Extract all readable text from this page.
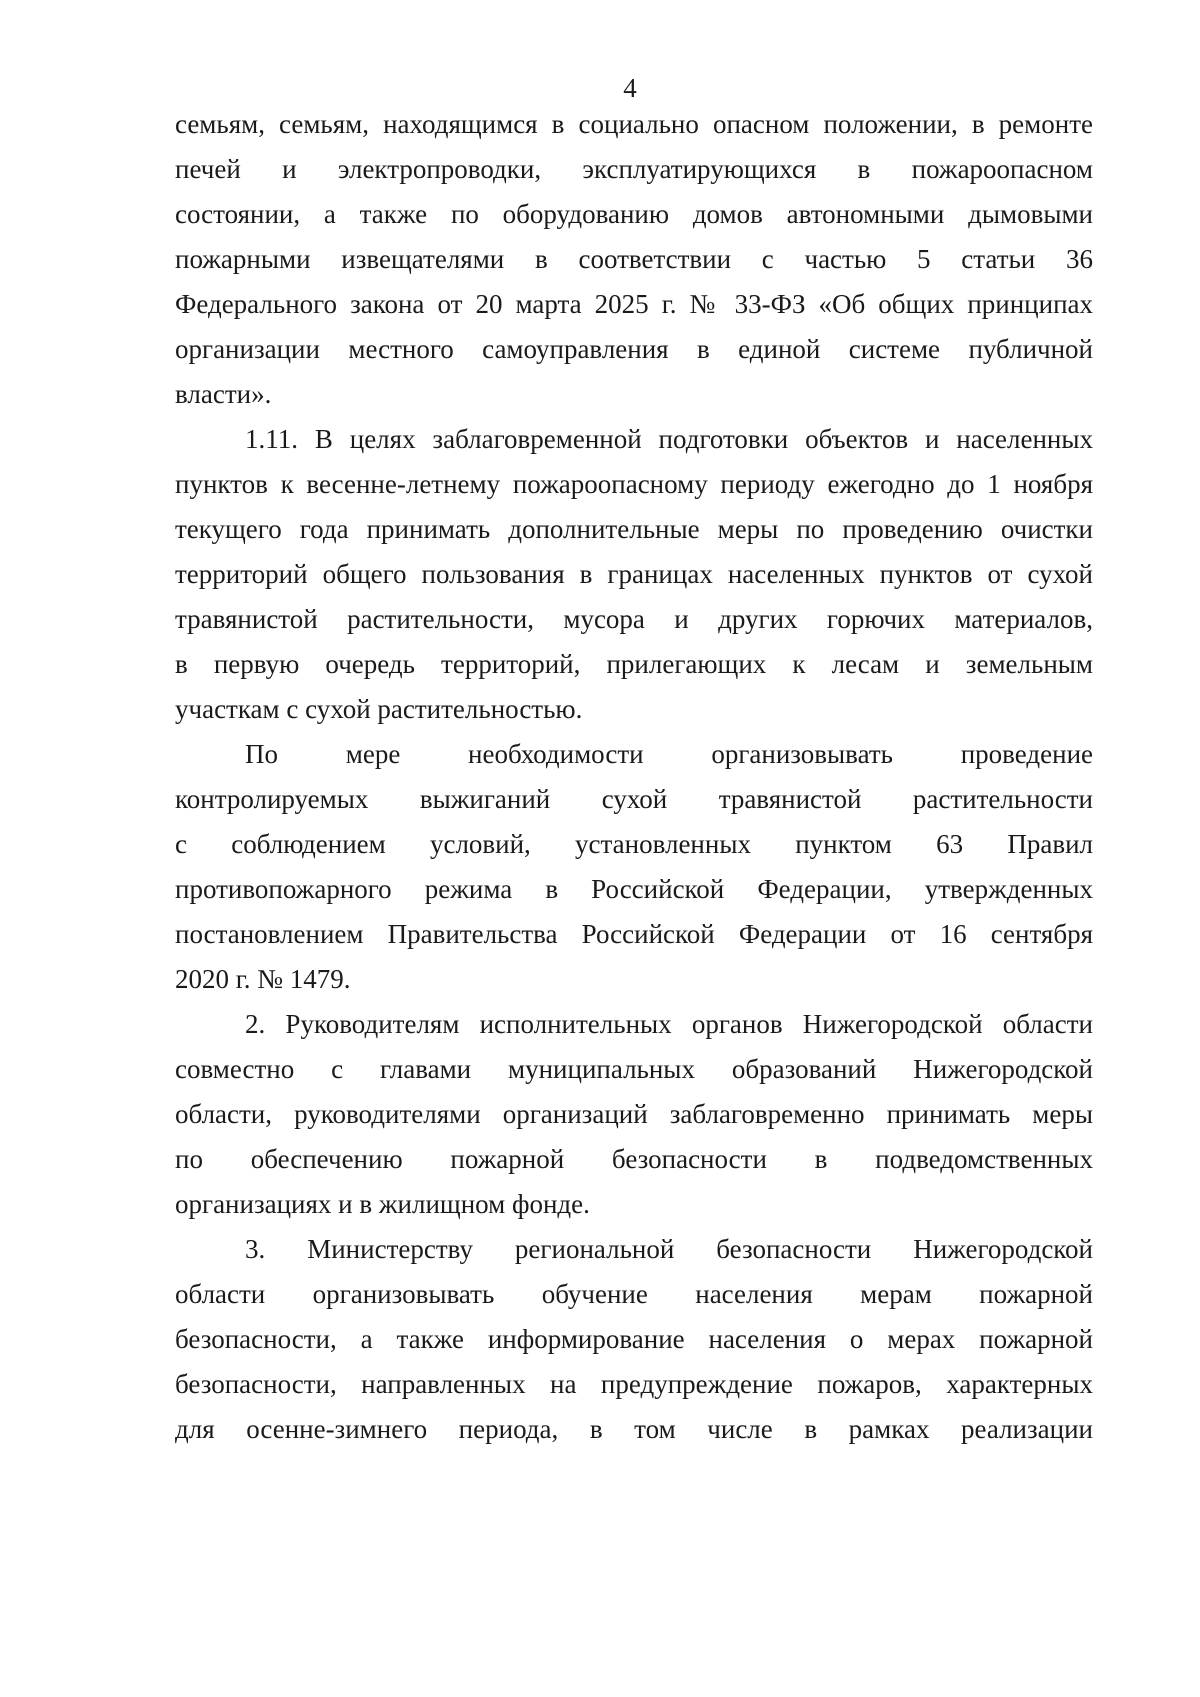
4
семьям, семьям, находящимся в социально опасном положении, в ремонте
печей и электропроводки, эксплуатирующихся в пожароопасном
состоянии, а также по оборудованию домов автономными дымовыми
пожарными извещателями в соответствии с частью 5 статьи 36
Федерального закона от 20 марта 2025 г. № 33-ФЗ «Об общих принципах
организации местного самоуправления в единой системе публичной
власти».
1.11. В целях заблаговременной подготовки объектов и населенных
пунктов к весенне-летнему пожароопасному периоду ежегодно до 1 ноября
текущего года принимать дополнительные меры по проведению очистки
территорий общего пользования в границах населенных пунктов от сухой
травянистой растительности, мусора и других горючих материалов,
в первую очередь территорий, прилегающих к лесам и земельным
участкам с сухой растительностью.
По мере необходимости организовывать проведение
контролируемых выжиганий сухой травянистой растительности
с соблюдением условий, установленных пунктом 63 Правил
противопожарного режима в Российской Федерации, утвержденных
постановлением Правительства Российской Федерации от 16 сентября
2020 г. № 1479.
2. Руководителям исполнительных органов Нижегородской области
совместно с главами муниципальных образований Нижегородской
области, руководителями организаций заблаговременно принимать меры
по обеспечению пожарной безопасности в подведомственных
организациях и в жилищном фонде.
3. Министерству региональной безопасности Нижегородской
области организовывать обучение населения мерам пожарной
безопасности, а также информирование населения о мерах пожарной
безопасности, направленных на предупреждение пожаров, характерных
для осенне-зимнего периода, в том числе в рамках реализации
